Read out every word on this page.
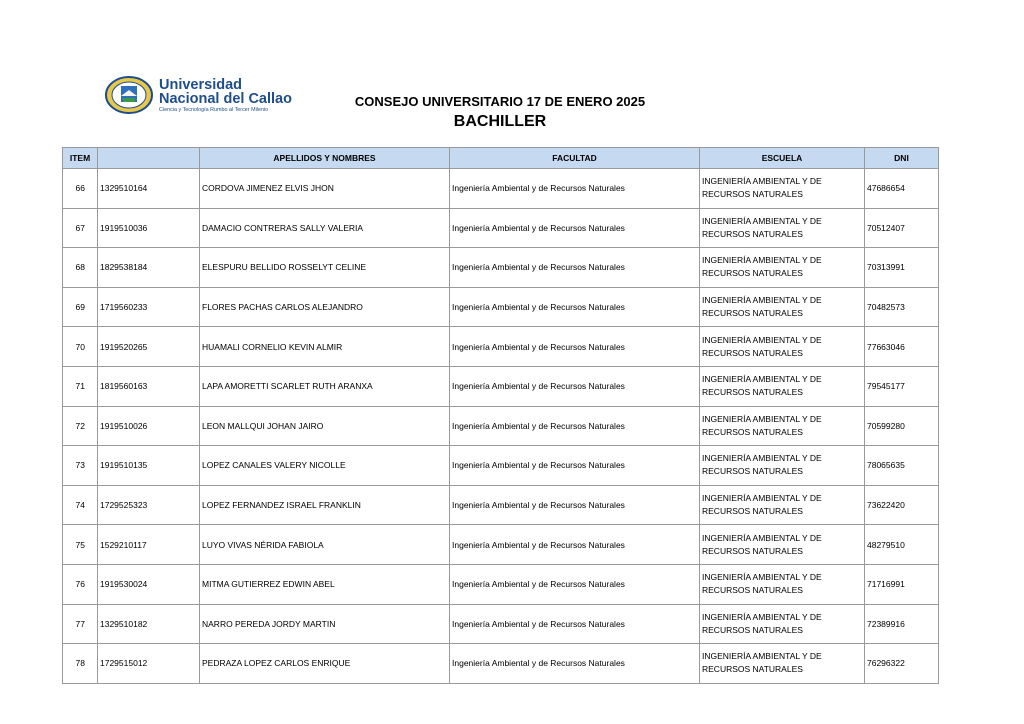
Universidad
Nacional del Callao
Ciencia y Tecnología Rumbo al Tercer Milenio
CONSEJO UNIVERSITARIO 17 DE ENERO 2025
BACHILLER
ITEM		APELLIDOS Y NOMBRES	FACULTAD	ESCUELA	DNI
66	1329510164	CORDOVA JIMENEZ ELVIS JHON	Ingeniería Ambiental y de Recursos Naturales	INGENIERÍA AMBIENTAL Y DE RECURSOS NATURALES	47686654
67	1919510036	DAMACIO CONTRERAS SALLY VALERIA	Ingeniería Ambiental y de Recursos Naturales	INGENIERÍA AMBIENTAL Y DE RECURSOS NATURALES	70512407
68	1829538184	ELESPURU BELLIDO ROSSELYT CELINE	Ingeniería Ambiental y de Recursos Naturales	INGENIERÍA AMBIENTAL Y DE RECURSOS NATURALES	70313991
69	1719560233	FLORES PACHAS CARLOS ALEJANDRO	Ingeniería Ambiental y de Recursos Naturales	INGENIERÍA AMBIENTAL Y DE RECURSOS NATURALES	70482573
70	1919520265	HUAMALI CORNELIO KEVIN ALMIR	Ingeniería Ambiental y de Recursos Naturales	INGENIERÍA AMBIENTAL Y DE RECURSOS NATURALES	77663046
71	1819560163	LAPA AMORETTI SCARLET RUTH ARANXA	Ingeniería Ambiental y de Recursos Naturales	INGENIERÍA AMBIENTAL Y DE RECURSOS NATURALES	79545177
72	1919510026	LEON MALLQUI JOHAN JAIRO	Ingeniería Ambiental y de Recursos Naturales	INGENIERÍA AMBIENTAL Y DE RECURSOS NATURALES	70599280
73	1919510135	LOPEZ CANALES VALERY NICOLLE	Ingeniería Ambiental y de Recursos Naturales	INGENIERÍA AMBIENTAL Y DE RECURSOS NATURALES	78065635
74	1729525323	LOPEZ FERNANDEZ ISRAEL FRANKLIN	Ingeniería Ambiental y de Recursos Naturales	INGENIERÍA AMBIENTAL Y DE RECURSOS NATURALES	73622420
75	1529210117	LUYO VIVAS NÉRIDA FABIOLA	Ingeniería Ambiental y de Recursos Naturales	INGENIERÍA AMBIENTAL Y DE RECURSOS NATURALES	48279510
76	1919530024	MITMA GUTIERREZ EDWIN ABEL	Ingeniería Ambiental y de Recursos Naturales	INGENIERÍA AMBIENTAL Y DE RECURSOS NATURALES	71716991
77	1329510182	NARRO PEREDA JORDY MARTIN	Ingeniería Ambiental y de Recursos Naturales	INGENIERÍA AMBIENTAL Y DE RECURSOS NATURALES	72389916
78	1729515012	PEDRAZA LOPEZ CARLOS ENRIQUE	Ingeniería Ambiental y de Recursos Naturales	INGENIERÍA AMBIENTAL Y DE RECURSOS NATURALES	76296322
